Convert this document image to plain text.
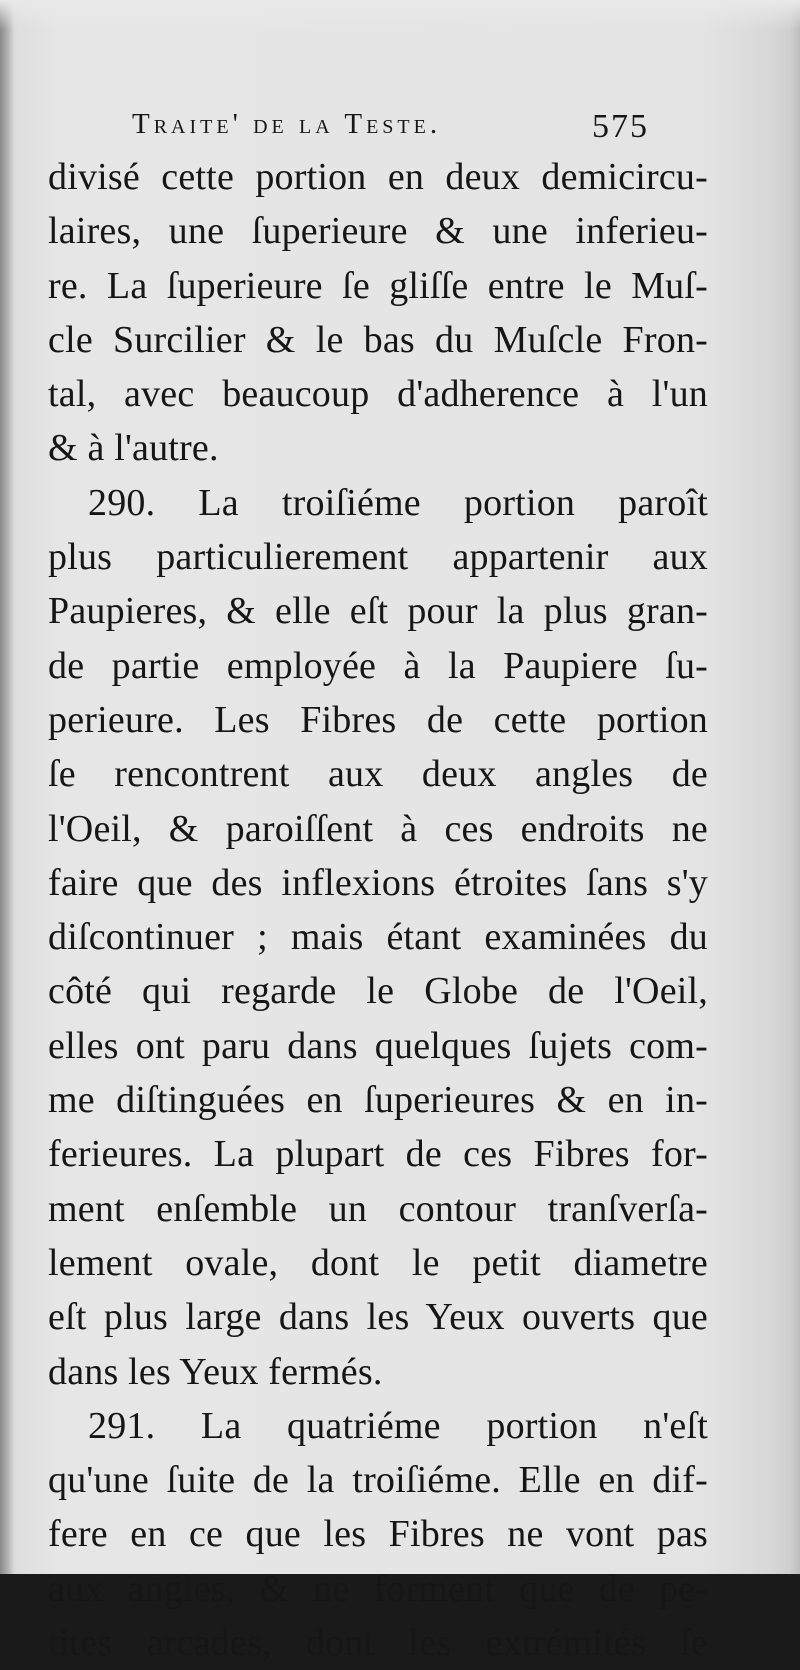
Traite' de la Teste.	575
divisé cette portion en deux demicircu-
laires, une ſuperieure & une inferieu-
re. La ſuperieure ſe gliſſe entre le Muſ-
cle Surcilier & le bas du Muſcle Fron-
tal, avec beaucoup d'adherence à l'un
& à l'autre.
290. La troiſiéme portion paroît
plus particulierement appartenir aux
Paupieres, & elle eſt pour la plus gran-
de partie employée à la Paupiere ſu-
perieure. Les Fibres de cette portion
ſe rencontrent aux deux angles de
l'Oeil, & paroiſſent à ces endroits ne
faire que des inflexions étroites ſans s'y
diſcontinuer ; mais étant examinées du
côté qui regarde le Globe de l'Oeil,
elles ont paru dans quelques ſujets com-
me diſtinguées en ſuperieures & en in-
ferieures. La plupart de ces Fibres for-
ment enſemble un contour tranſverſa-
lement ovale, dont le petit diametre
eſt plus large dans les Yeux ouverts que
dans les Yeux fermés.
291. La quatriéme portion n'eſt
qu'une ſuite de la troiſiéme. Elle en dif-
fere en ce que les Fibres ne vont pas
aux angles, & ne forment que de pe-
tites arcades, dont les extrémités ſe
